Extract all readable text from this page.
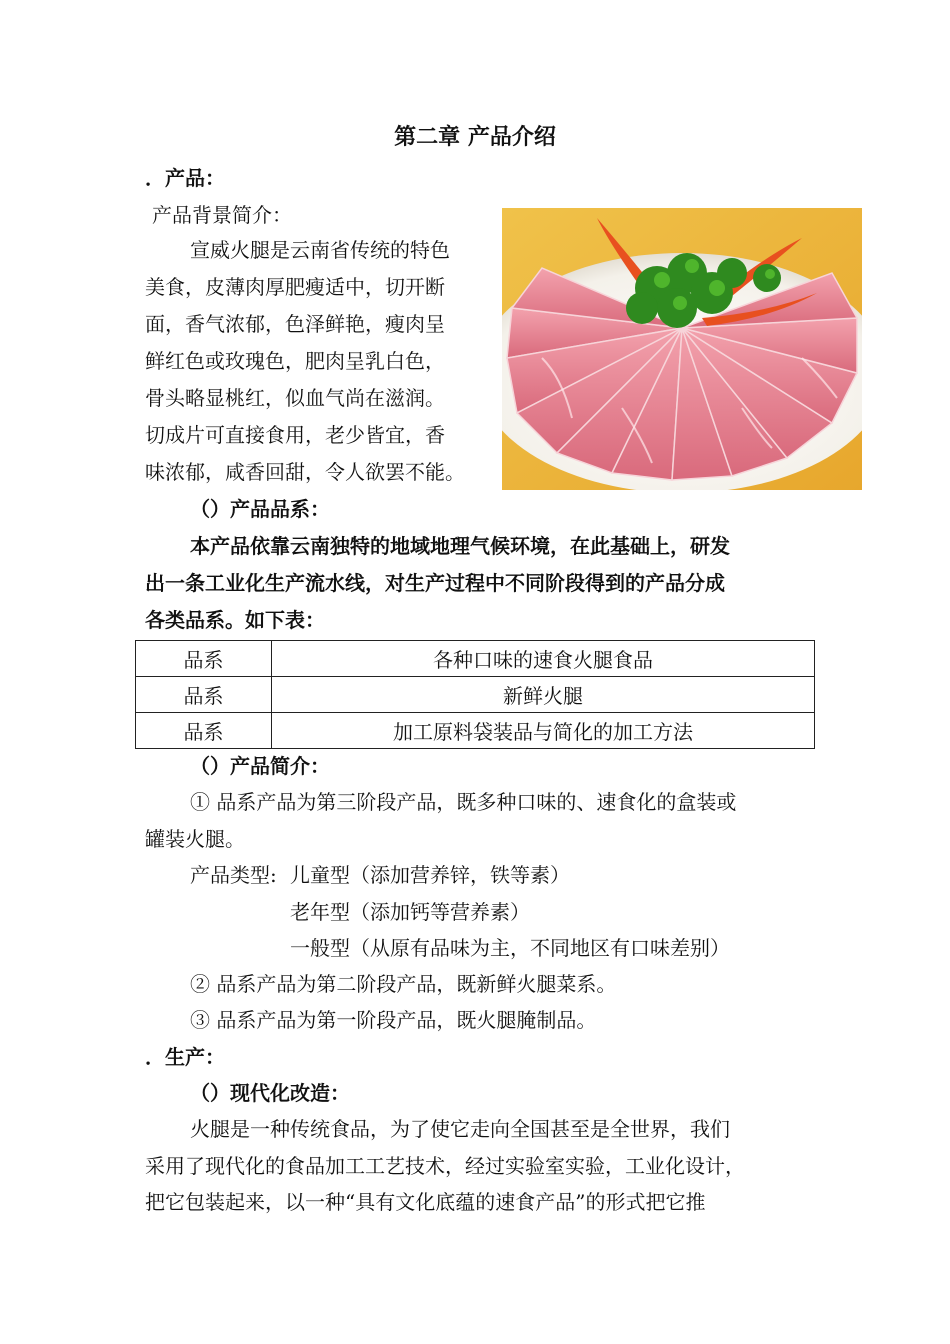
第二章 产品介绍
．产品：
产品背景简介：
宣威火腿是云南省传统的特色
美食，皮薄肉厚肥瘦适中，切开断
面，香气浓郁，色泽鲜艳，瘦肉呈
鲜红色或玫瑰色，肥肉呈乳白色，
骨头略显桃红，似血气尚在滋润。
切成片可直接食用，老少皆宜，香
味浓郁，咸香回甜，令人欲罢不能。
（）产品品系：
本产品依靠云南独特的地域地理气候环境，在此基础上，研发
出一条工业化生产流水线，对生产过程中不同阶段得到的产品分成
各类品系。如下表：
品系	各种口味的速食火腿食品
品系	新鲜火腿
品系	加工原料袋装品与简化的加工方法
（）产品简介：
① 品系产品为第三阶段产品，既多种口味的、速食化的盒装或
罐装火腿。
产品类型: 儿童型（添加营养锌，铁等素）
老年型（添加钙等营养素）
一般型（从原有品味为主，不同地区有口味差别）
② 品系产品为第二阶段产品，既新鲜火腿菜系。
③ 品系产品为第一阶段产品，既火腿腌制品。
．生产：
（）现代化改造：
火腿是一种传统食品，为了使它走向全国甚至是全世界，我们
采用了现代化的食品加工工艺技术，经过实验室实验，工业化设计，
把它包装起来，以一种“具有文化底蕴的速食产品”的形式把它推
